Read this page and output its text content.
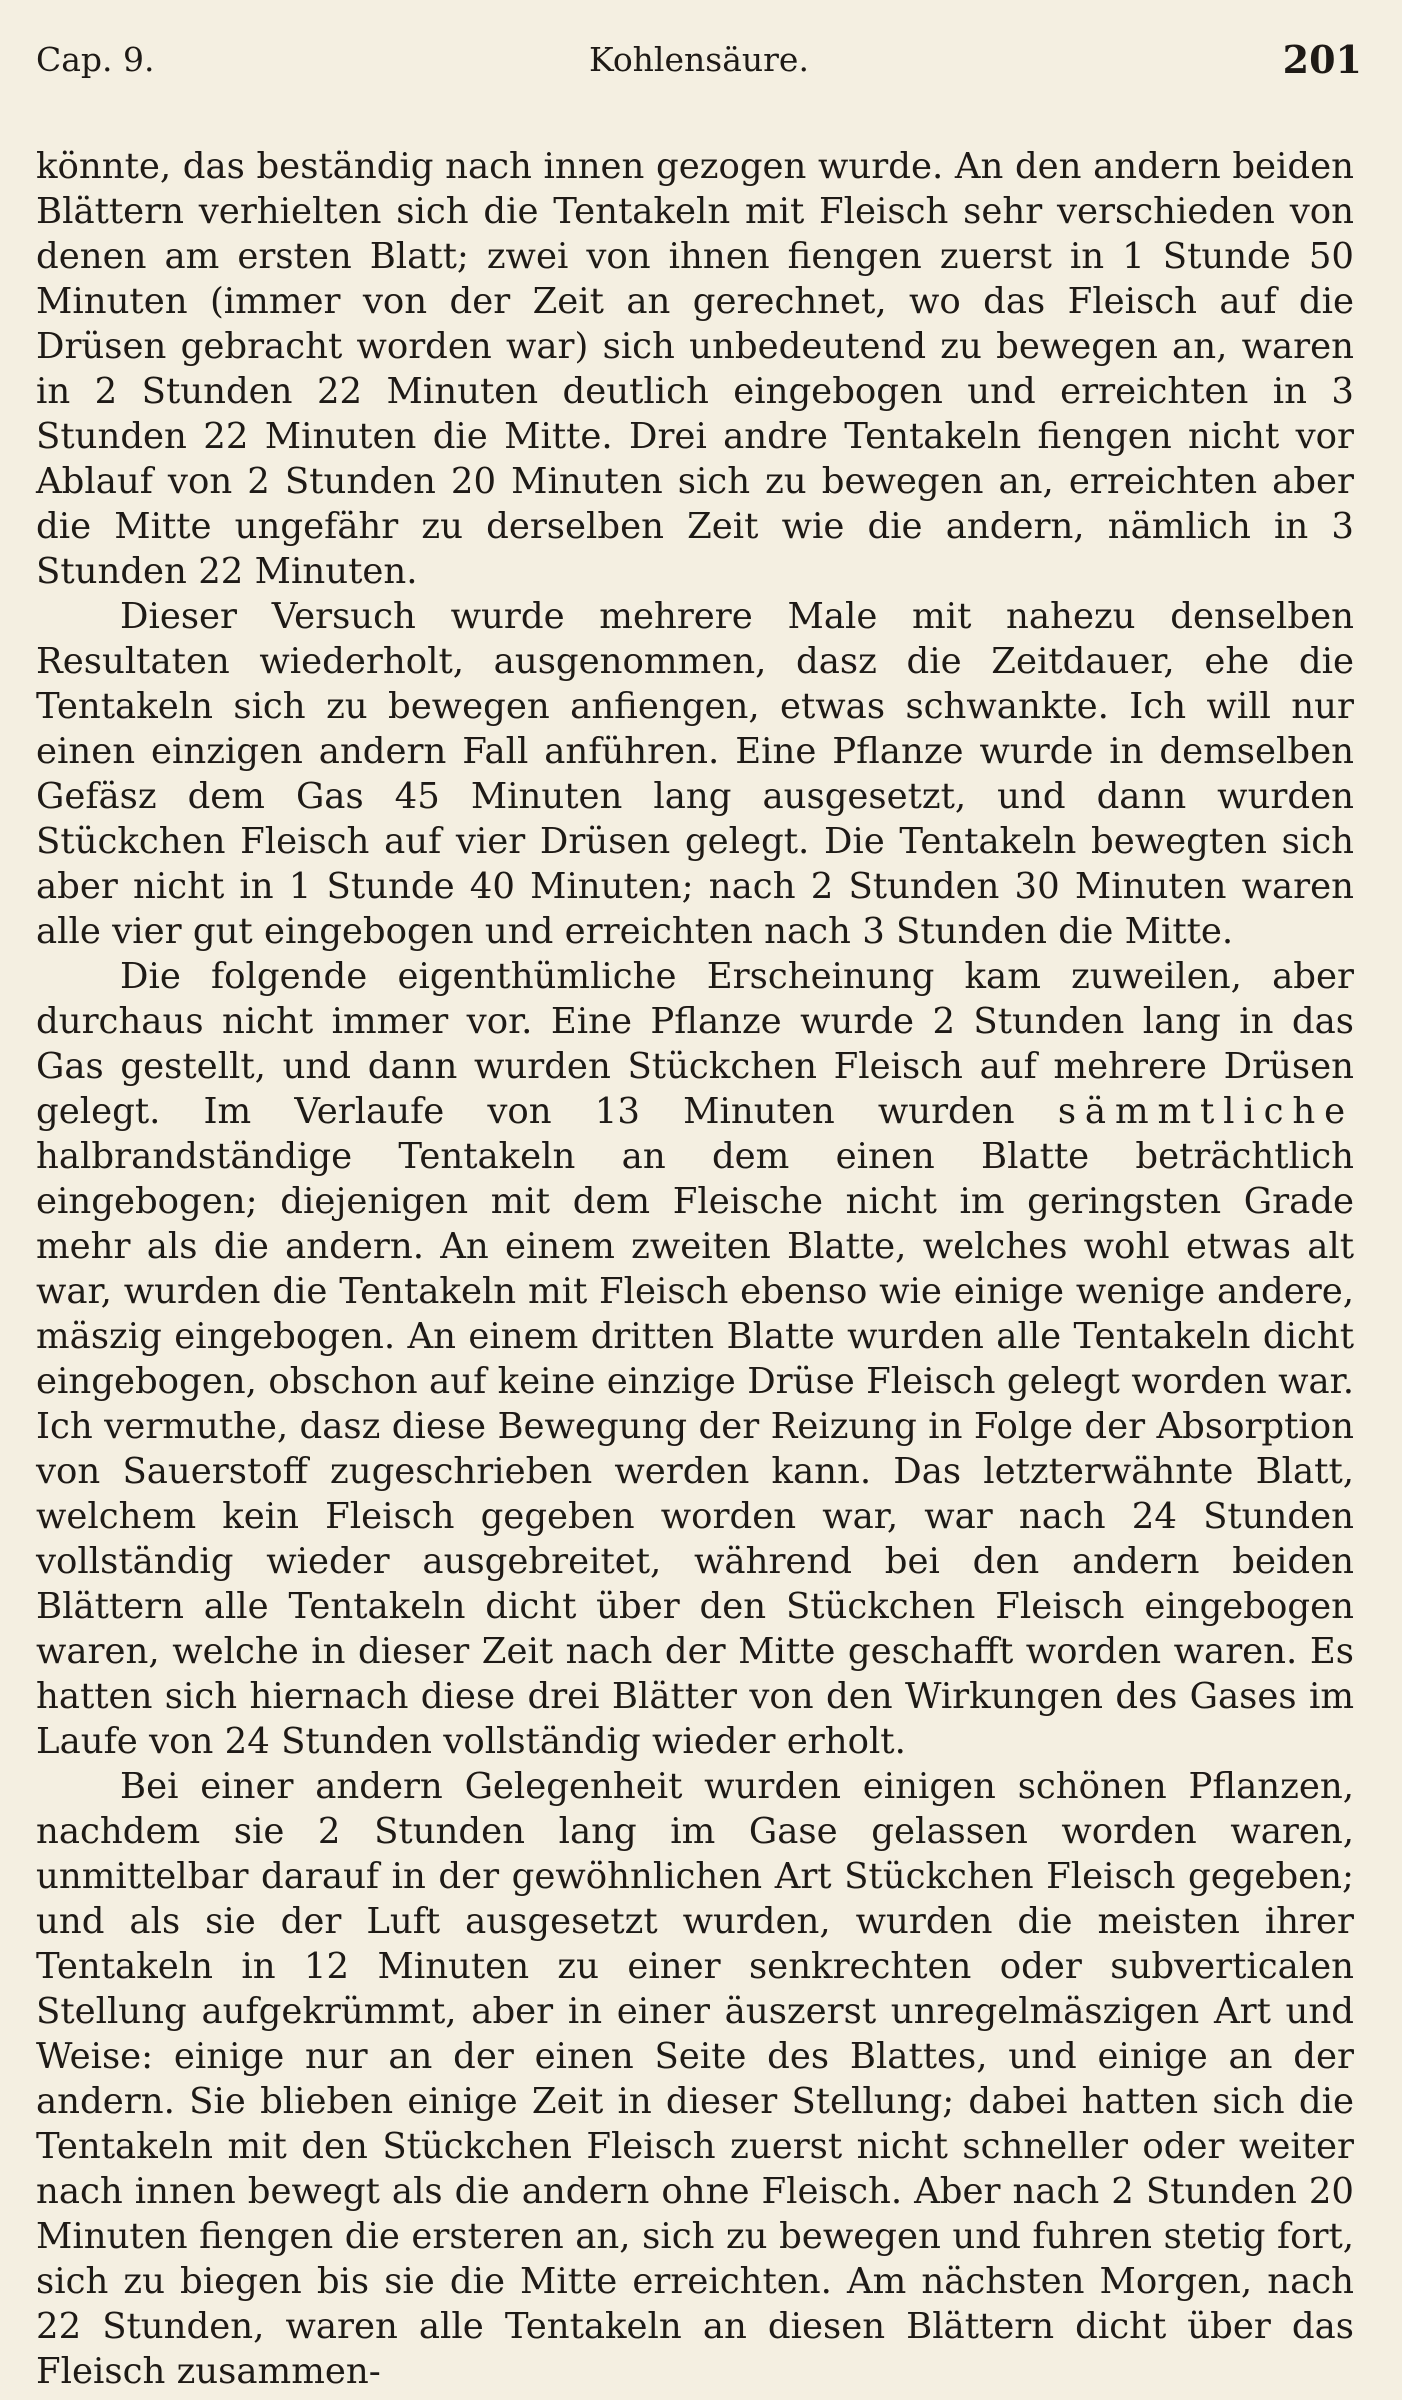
Kohlensäure.
Cap. 9.	201

könnte, das beständig nach innen gezogen wurde. An den andern beiden Blättern verhielten sich die Tentakeln mit Fleisch sehr verschieden von denen am ersten Blatt; zwei von ihnen fiengen zuerst in 1 Stunde 50 Minuten (immer von der Zeit an gerechnet, wo das Fleisch auf die Drüsen gebracht worden war) sich unbedeutend zu bewegen an, waren in 2 Stunden 22 Minuten deutlich eingebogen und erreichten in 3 Stunden 22 Minuten die Mitte. Drei andre Tentakeln fiengen nicht vor Ablauf von 2 Stunden 20 Minuten sich zu bewegen an, erreichten aber die Mitte ungefähr zu derselben Zeit wie die andern, nämlich in 3 Stunden 22 Minuten.

Dieser Versuch wurde mehrere Male mit nahezu denselben Resultaten wiederholt, ausgenommen, dasz die Zeitdauer, ehe die Tentakeln sich zu bewegen anfiengen, etwas schwankte. Ich will nur einen einzigen andern Fall anführen. Eine Pflanze wurde in demselben Gefäsz dem Gas 45 Minuten lang ausgesetzt, und dann wurden Stückchen Fleisch auf vier Drüsen gelegt. Die Tentakeln bewegten sich aber nicht in 1 Stunde 40 Minuten; nach 2 Stunden 30 Minuten waren alle vier gut eingebogen und erreichten nach 3 Stunden die Mitte.

Die folgende eigenthümliche Erscheinung kam zuweilen, aber durchaus nicht immer vor. Eine Pflanze wurde 2 Stunden lang in das Gas gestellt, und dann wurden Stückchen Fleisch auf mehrere Drüsen gelegt. Im Verlaufe von 13 Minuten wurden sämmtliche halbrandständige Tentakeln an dem einen Blatte beträchtlich eingebogen; diejenigen mit dem Fleische nicht im geringsten Grade mehr als die andern. An einem zweiten Blatte, welches wohl etwas alt war, wurden die Tentakeln mit Fleisch ebenso wie einige wenige andere, mäszig eingebogen. An einem dritten Blatte wurden alle Tentakeln dicht eingebogen, obschon auf keine einzige Drüse Fleisch gelegt worden war. Ich vermuthe, dasz diese Bewegung der Reizung in Folge der Absorption von Sauerstoff zugeschrieben werden kann. Das letzterwähnte Blatt, welchem kein Fleisch gegeben worden war, war nach 24 Stunden vollständig wieder ausgebreitet, während bei den andern beiden Blättern alle Tentakeln dicht über den Stückchen Fleisch eingebogen waren, welche in dieser Zeit nach der Mitte geschafft worden waren. Es hatten sich hiernach diese drei Blätter von den Wirkungen des Gases im Laufe von 24 Stunden vollständig wieder erholt.

Bei einer andern Gelegenheit wurden einigen schönen Pflanzen, nachdem sie 2 Stunden lang im Gase gelassen worden waren, unmittelbar darauf in der gewöhnlichen Art Stückchen Fleisch gegeben; und als sie der Luft ausgesetzt wurden, wurden die meisten ihrer Tentakeln in 12 Minuten zu einer senkrechten oder subverticalen Stellung aufgekrümmt, aber in einer äuszerst unregelmäszigen Art und Weise: einige nur an der einen Seite des Blattes, und einige an der andern. Sie blieben einige Zeit in dieser Stellung; dabei hatten sich die Tentakeln mit den Stückchen Fleisch zuerst nicht schneller oder weiter nach innen bewegt als die andern ohne Fleisch. Aber nach 2 Stunden 20 Minuten fiengen die ersteren an, sich zu bewegen und fuhren stetig fort, sich zu biegen bis sie die Mitte erreichten. Am nächsten Morgen, nach 22 Stunden, waren alle Tentakeln an diesen Blättern dicht über das Fleisch zusammen-
